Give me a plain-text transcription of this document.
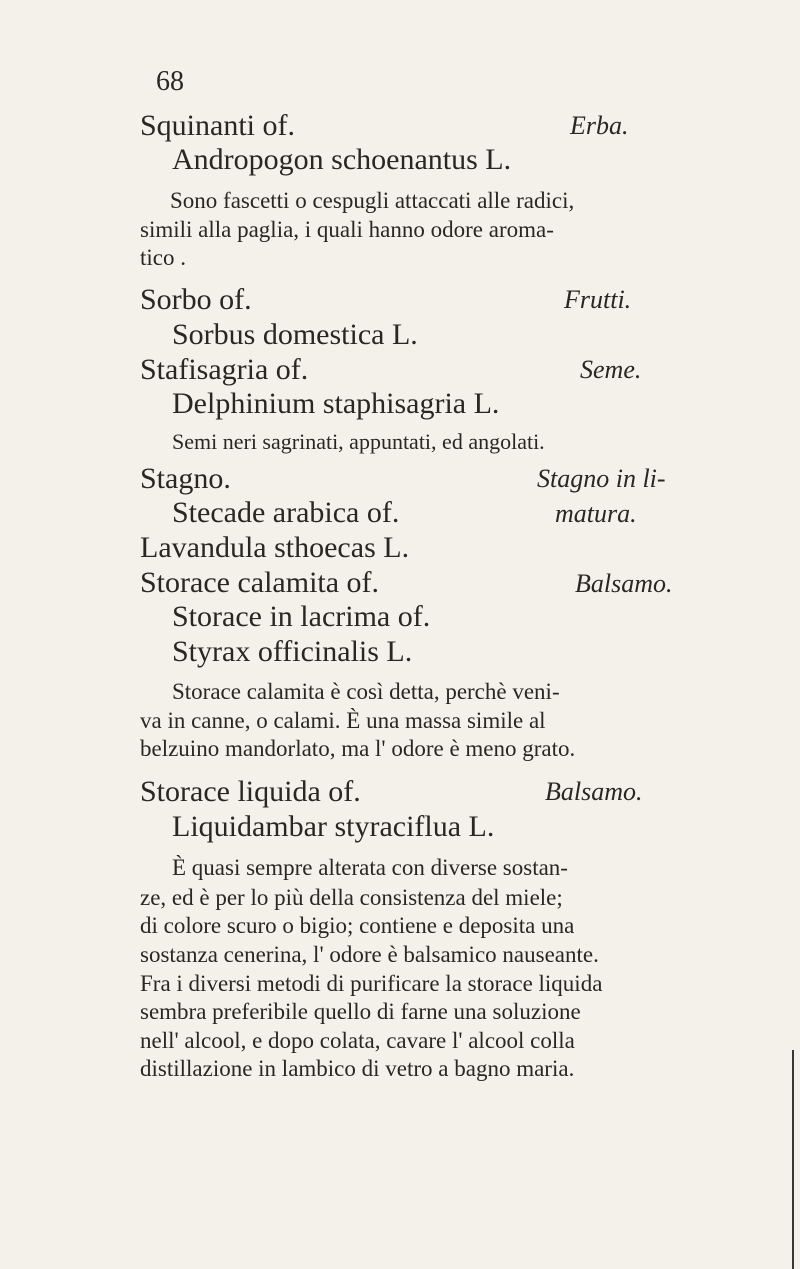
68
Squinanti of.	Erba.
Andropogon schoenantus L.
Sono fascetti o cespugli attaccati alle radici,
simili alla paglia, i quali hanno odore aroma-
tico .
Sorbo of.	Frutti.
Sorbus domestica L.
Stafisagria of.	Seme.
Delphinium staphisagria L.
Semi neri sagrinati, appuntati, ed angolati.
Stagno.	Stagno in li-
Stecade arabica of.	matura.
Lavandula sthoecas L.
Storace calamita of.	Balsamo.
Storace in lacrima of.
Styrax officinalis L.
Storace calamita è così detta, perchè veni-
va in canne, o calami. È una massa simile al
belzuino mandorlato, ma l' odore è meno grato.
Storace liquida of.	Balsamo.
Liquidambar styraciflua L.
È quasi sempre alterata con diverse sostan-
ze, ed è per lo più della consistenza del miele;
di colore scuro o bigio; contiene e deposita una
sostanza cenerina, l' odore è balsamico nauseante.
Fra i diversi metodi di purificare la storace liquida
sembra preferibile quello di farne una soluzione
nell' alcool, e dopo colata, cavare l' alcool colla
distillazione in lambico di vetro a bagno maria.
